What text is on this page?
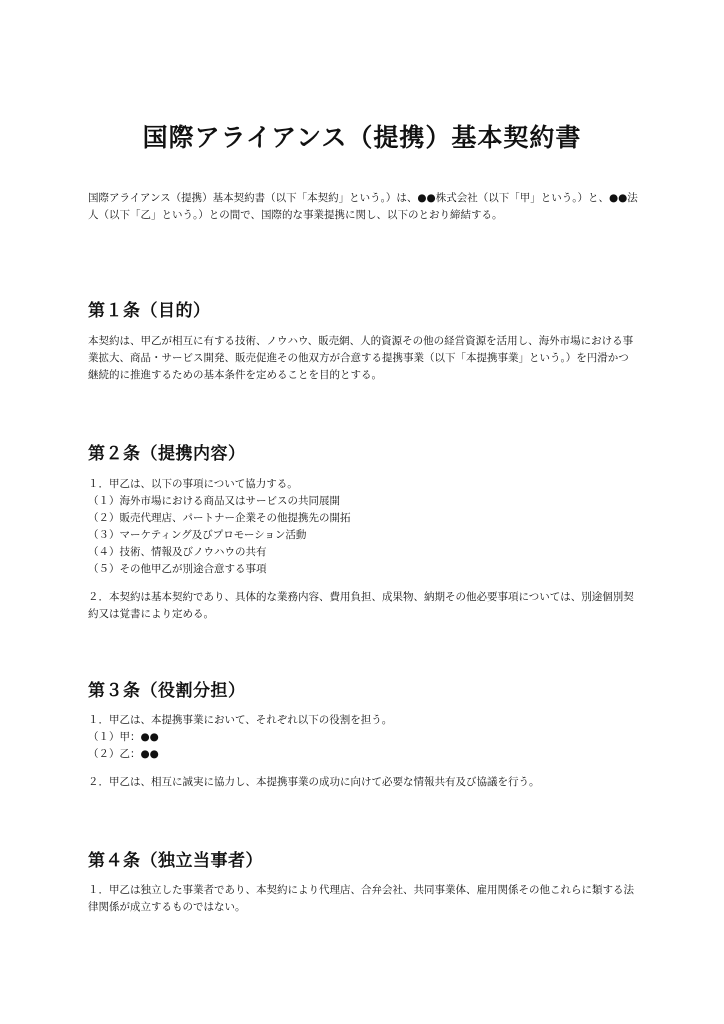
国際アライアンス（提携）基本契約書

国際アライアンス（提携）基本契約書（以下「本契約」という。）は、●●株式会社（以下「甲」という。）と、●●法人（以下「乙」という。）との間で、国際的な事業提携に関し、以下のとおり締結する。

第１条（目的）

本契約は、甲乙が相互に有する技術、ノウハウ、販売網、人的資源その他の経営資源を活用し、海外市場における事業拡大、商品・サービス開発、販売促進その他双方が合意する提携事業（以下「本提携事業」という。）を円滑かつ継続的に推進するための基本条件を定めることを目的とする。

第２条（提携内容）
１．甲乙は、以下の事項について協力する。
（１）海外市場における商品又はサービスの共同展開
（２）販売代理店、パートナー企業その他提携先の開拓
（３）マーケティング及びプロモーション活動
（４）技術、情報及びノウハウの共有
（５）その他甲乙が別途合意する事項

２．本契約は基本契約であり、具体的な業務内容、費用負担、成果物、納期その他必要事項については、別途個別契約又は覚書により定める。

第３条（役割分担）
１．甲乙は、本提携事業において、それぞれ以下の役割を担う。
（１）甲：●●
（２）乙：●●

２．甲乙は、相互に誠実に協力し、本提携事業の成功に向けて必要な情報共有及び協議を行う。

第４条（独立当事者）

１．甲乙は独立した事業者であり、本契約により代理店、合弁会社、共同事業体、雇用関係その他これらに類する法律関係が成立するものではない。
